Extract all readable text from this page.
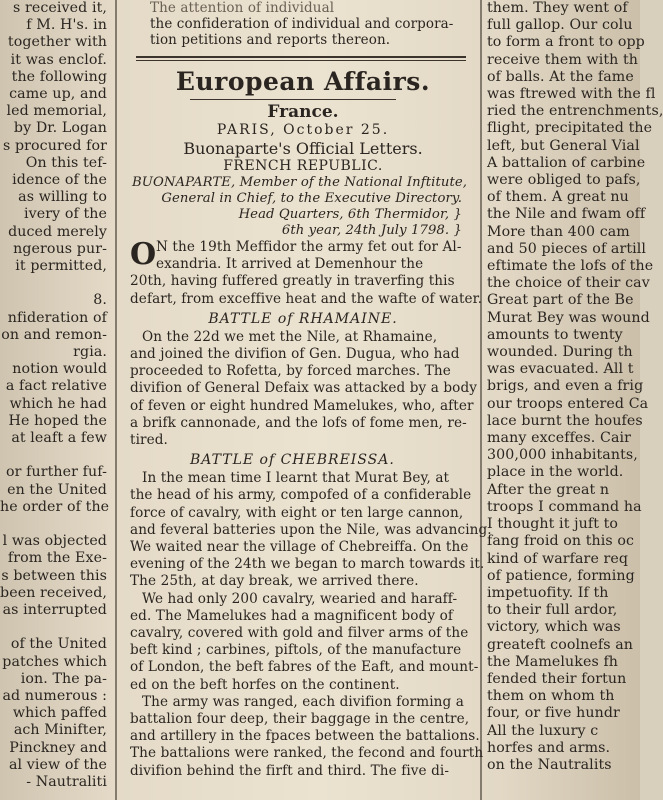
s received it,
f M. H's. in
together with
it was enclof.
the following
came up, and
led memorial,
by Dr. Logan
s procured for
On this tef-
idence of the
as willing to
ivery of the
duced merely
ngerous pur-
it permitted,
8.
nfideration of
on and remon-
rgia.
notion would
a fact relative
which he had
He hoped the
at leaft a few
or further fuf-
en the United
he order of the
l was objected
from the Exe-
s between this
been received,
as interrupted
of the United
patches which
ion. The pa-
ad numerous :
which paffed
ach Minifter,
Pinckney and
al view of the
- Nautraliti
The attention of individual
the confideration of individual and corpora-
tion petitions and reports thereon.
European Affairs.
France.
PARIS, October 25.
Buonaparte's Official Letters.
FRENCH REPUBLIC.
BUONAPARTE, Member of the National Inftitute,
General in Chief, to the Executive Directory.
Head Quarters, 6th Thermidor, }
6th year, 24th July 1798. }
O N the 19th Meffidor the army fet out for Al-
exandria. It arrived at Demenhour the
20th, having fuffered greatly in traverfing this
defart, from exceffive heat and the wafte of water.
BATTLE of RHAMAINE.
On the 22d we met the Nile, at Rhamaine,
and joined the divifion of Gen. Dugua, who had
proceeded to Rofetta, by forced marches. The
divifion of General Defaix was attacked by a body
of feven or eight hundred Mamelukes, who, after
a brifk cannonade, and the lofs of fome men, re-
tired.
BATTLE of CHEBREISSA.
In the mean time I learnt that Murat Bey, at
the head of his army, compofed of a confiderable
force of cavalry, with eight or ten large cannon,
and feveral batteries upon the Nile, was advancing.
We waited near the village of Chebreiffa. On the
evening of the 24th we began to march towards it.
The 25th, at day break, we arrived there.
We had only 200 cavalry, wearied and haraff-
ed. The Mamelukes had a magnificent body of
cavalry, covered with gold and filver arms of the
beft kind ; carbines, piftols, of the manufacture
of London, the beft fabres of the Eaft, and mount-
ed on the beft horfes on the continent.
The army was ranged, each divifion forming a
battalion four deep, their baggage in the centre,
and artillery in the fpaces between the battalions.
The battalions were ranked, the fecond and fourth
divifion behind the firft and third. The five di-
them. They went of
full gallop. Our colu
to form a front to opp
receive them with th
of balls. At the fame
was ftrewed with the fl
ried the entrenchments,
flight, precipitated the
left, but General Vial
A battalion of carbine
were obliged to pafs,
of them. A great nu
the Nile and fwam off
More than 400 cam
and 50 pieces of artill
eftimate the lofs of the
the choice of their cav
Great part of the Be
Murat Bey was wound
amounts to twenty
wounded. During th
was evacuated. All t
brigs, and even a frig
our troops entered Ca
lace burnt the houfes
many exceffes. Cair
300,000 inhabitants,
place in the world.
After the great n
troops I command ha
I thought it juft to
fang froid on this oc
kind of warfare req
of patience, forming
impetuofity. If th
to their full ardor,
victory, which was
greateft coolnefs an
the Mamelukes fh
fended their fortun
them on whom th
four, or five hundr
All the luxury c
horfes and arms.
on the Nautralits
